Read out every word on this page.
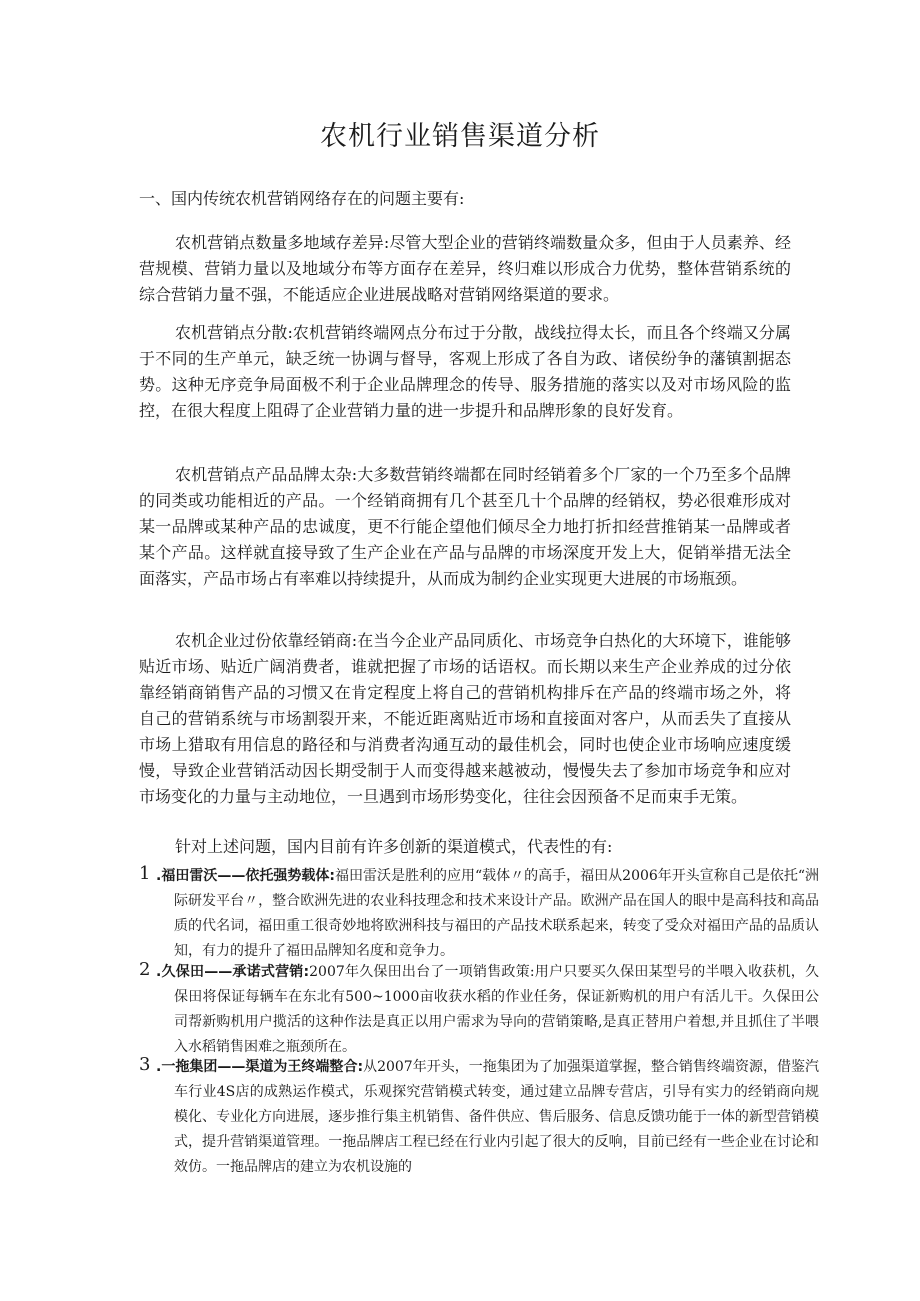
农机行业销售渠道分析

一、国内传统农机营销网络存在的问题主要有:

农机营销点数量多地域存差异:尽管大型企业的营销终端数量众多，但由于人员素养、经营规模、营销力量以及地域分布等方面存在差异，终归难以形成合力优势，整体营销系统的综合营销力量不强，不能适应企业进展战略对营销网络渠道的要求。

农机营销点分散:农机营销终端网点分布过于分散，战线拉得太长，而且各个终端又分属于不同的生产单元，缺乏统一协调与督导，客观上形成了各自为政、诸侯纷争的藩镇割据态势。这种无序竞争局面极不利于企业品牌理念的传导、服务措施的落实以及对市场风险的监控，在很大程度上阻碍了企业营销力量的进一步提升和品牌形象的良好发育。

农机营销点产品品牌太杂:大多数营销终端都在同时经销着多个厂家的一个乃至多个品牌的同类或功能相近的产品。一个经销商拥有几个甚至几十个品牌的经销权，势必很难形成对某一品牌或某种产品的忠诚度，更不行能企望他们倾尽全力地打折扣经营推销某一品牌或者某个产品。这样就直接导致了生产企业在产品与品牌的市场深度开发上大，促销举措无法全面落实，产品市场占有率难以持续提升，从而成为制约企业实现更大进展的市场瓶颈。

农机企业过份依靠经销商:在当今企业产品同质化、市场竞争白热化的大环境下，谁能够贴近市场、贴近广阔消费者，谁就把握了市场的话语权。而长期以来生产企业养成的过分依靠经销商销售产品的习惯又在肯定程度上将自己的营销机构排斥在产品的终端市场之外，将自己的营销系统与市场割裂开来，不能近距离贴近市场和直接面对客户，从而丢失了直接从市场上猎取有用信息的路径和与消费者沟通互动的最佳机会，同时也使企业市场响应速度缓慢，导致企业营销活动因长期受制于人而变得越来越被动，慢慢失去了参加市场竞争和应对市场变化的力量与主动地位，一旦遇到市场形势变化，往往会因预备不足而束手无策。

针对上述问题，国内目前有许多创新的渠道模式，代表性的有:

1 .福田雷沃——依托强势载体:福田雷沃是胜利的应用“载体〃的高手，福田从2006年开头宣称自己是依托“洲际研发平台〃，整合欧洲先进的农业科技理念和技术来设计产品。欧洲产品在国人的眼中是高科技和高品质的代名词，福田重工很奇妙地将欧洲科技与福田的产品技术联系起来，转变了受众对福田产品的品质认知，有力的提升了福田品牌知名度和竞争力。
2 .久保田——承诺式营销:2007年久保田出台了一项销售政策:用户只要买久保田某型号的半喂入收获机，久保田将保证每辆车在东北有500~1000亩收获水稻的作业任务，保证新购机的用户有活儿干。久保田公司帮新购机用户揽活的这种作法是真正以用户需求为导向的营销策略,是真正替用户着想,并且抓住了半喂入水稻销售困难之瓶颈所在。
3 .一拖集团——渠道为王终端整合:从2007年开头，一拖集团为了加强渠道掌握，整合销售终端资源，借鉴汽车行业4S店的成熟运作模式，乐观探究营销模式转变，通过建立品牌专营店，引导有实力的经销商向规模化、专业化方向进展，逐步推行集主机销售、备件供应、售后服务、信息反馈功能于一体的新型营销模式，提升营销渠道管理。一拖品牌店工程已经在行业内引起了很大的反响，目前已经有一些企业在讨论和效仿。一拖品牌店的建立为农机设施的
